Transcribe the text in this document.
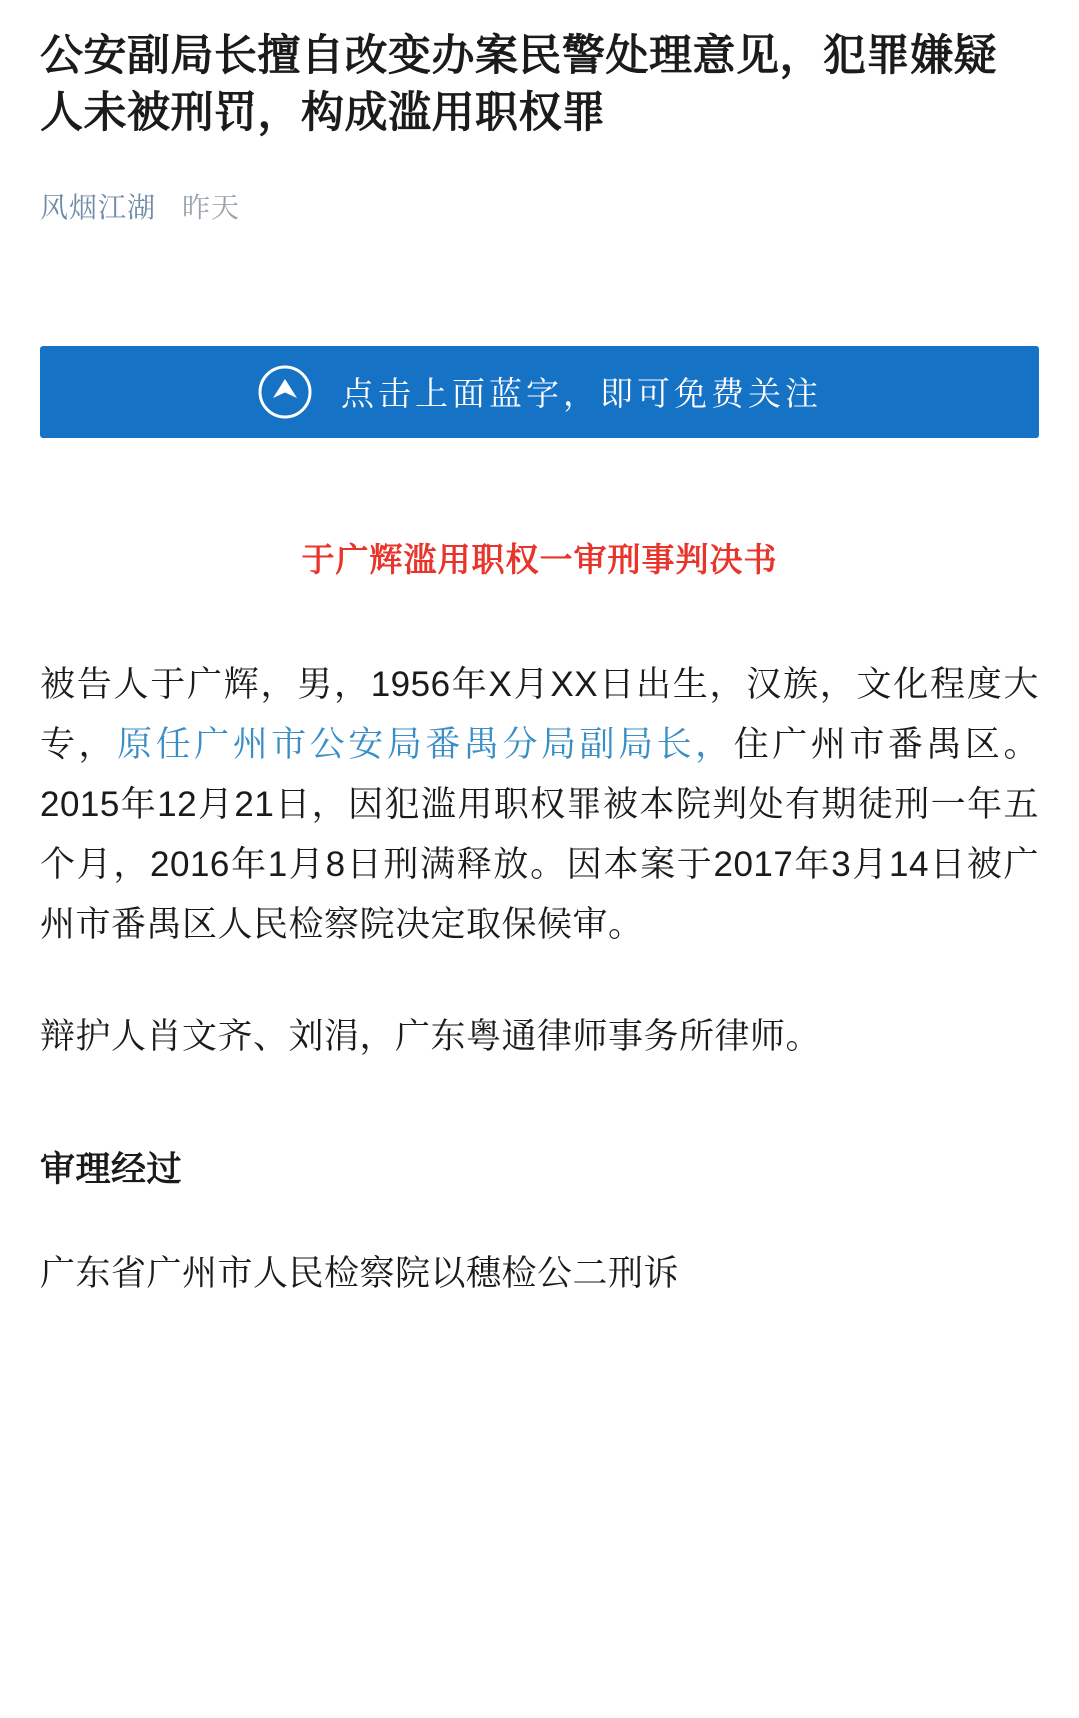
公安副局长擅自改变办案民警处理意见，犯罪嫌疑人未被刑罚，构成滥用职权罪
风烟江湖 昨天
点击上面蓝字，即可免费关注
于广辉滥用职权一审刑事判决书

被告人于广辉，男，1956年X月XX日出生，汉族，文化程度大专，原任广州市公安局番禺分局副局长，住广州市番禺区。2015年12月21日，因犯滥用职权罪被本院判处有期徒刑一年五个月，2016年1月8日刑满释放。因本案于2017年3月14日被广州市番禺区人民检察院决定取保候审。

辩护人肖文齐、刘涓，广东粤通律师事务所律师。

审理经过

广东省广州市人民检察院以穗检公二刑诉
